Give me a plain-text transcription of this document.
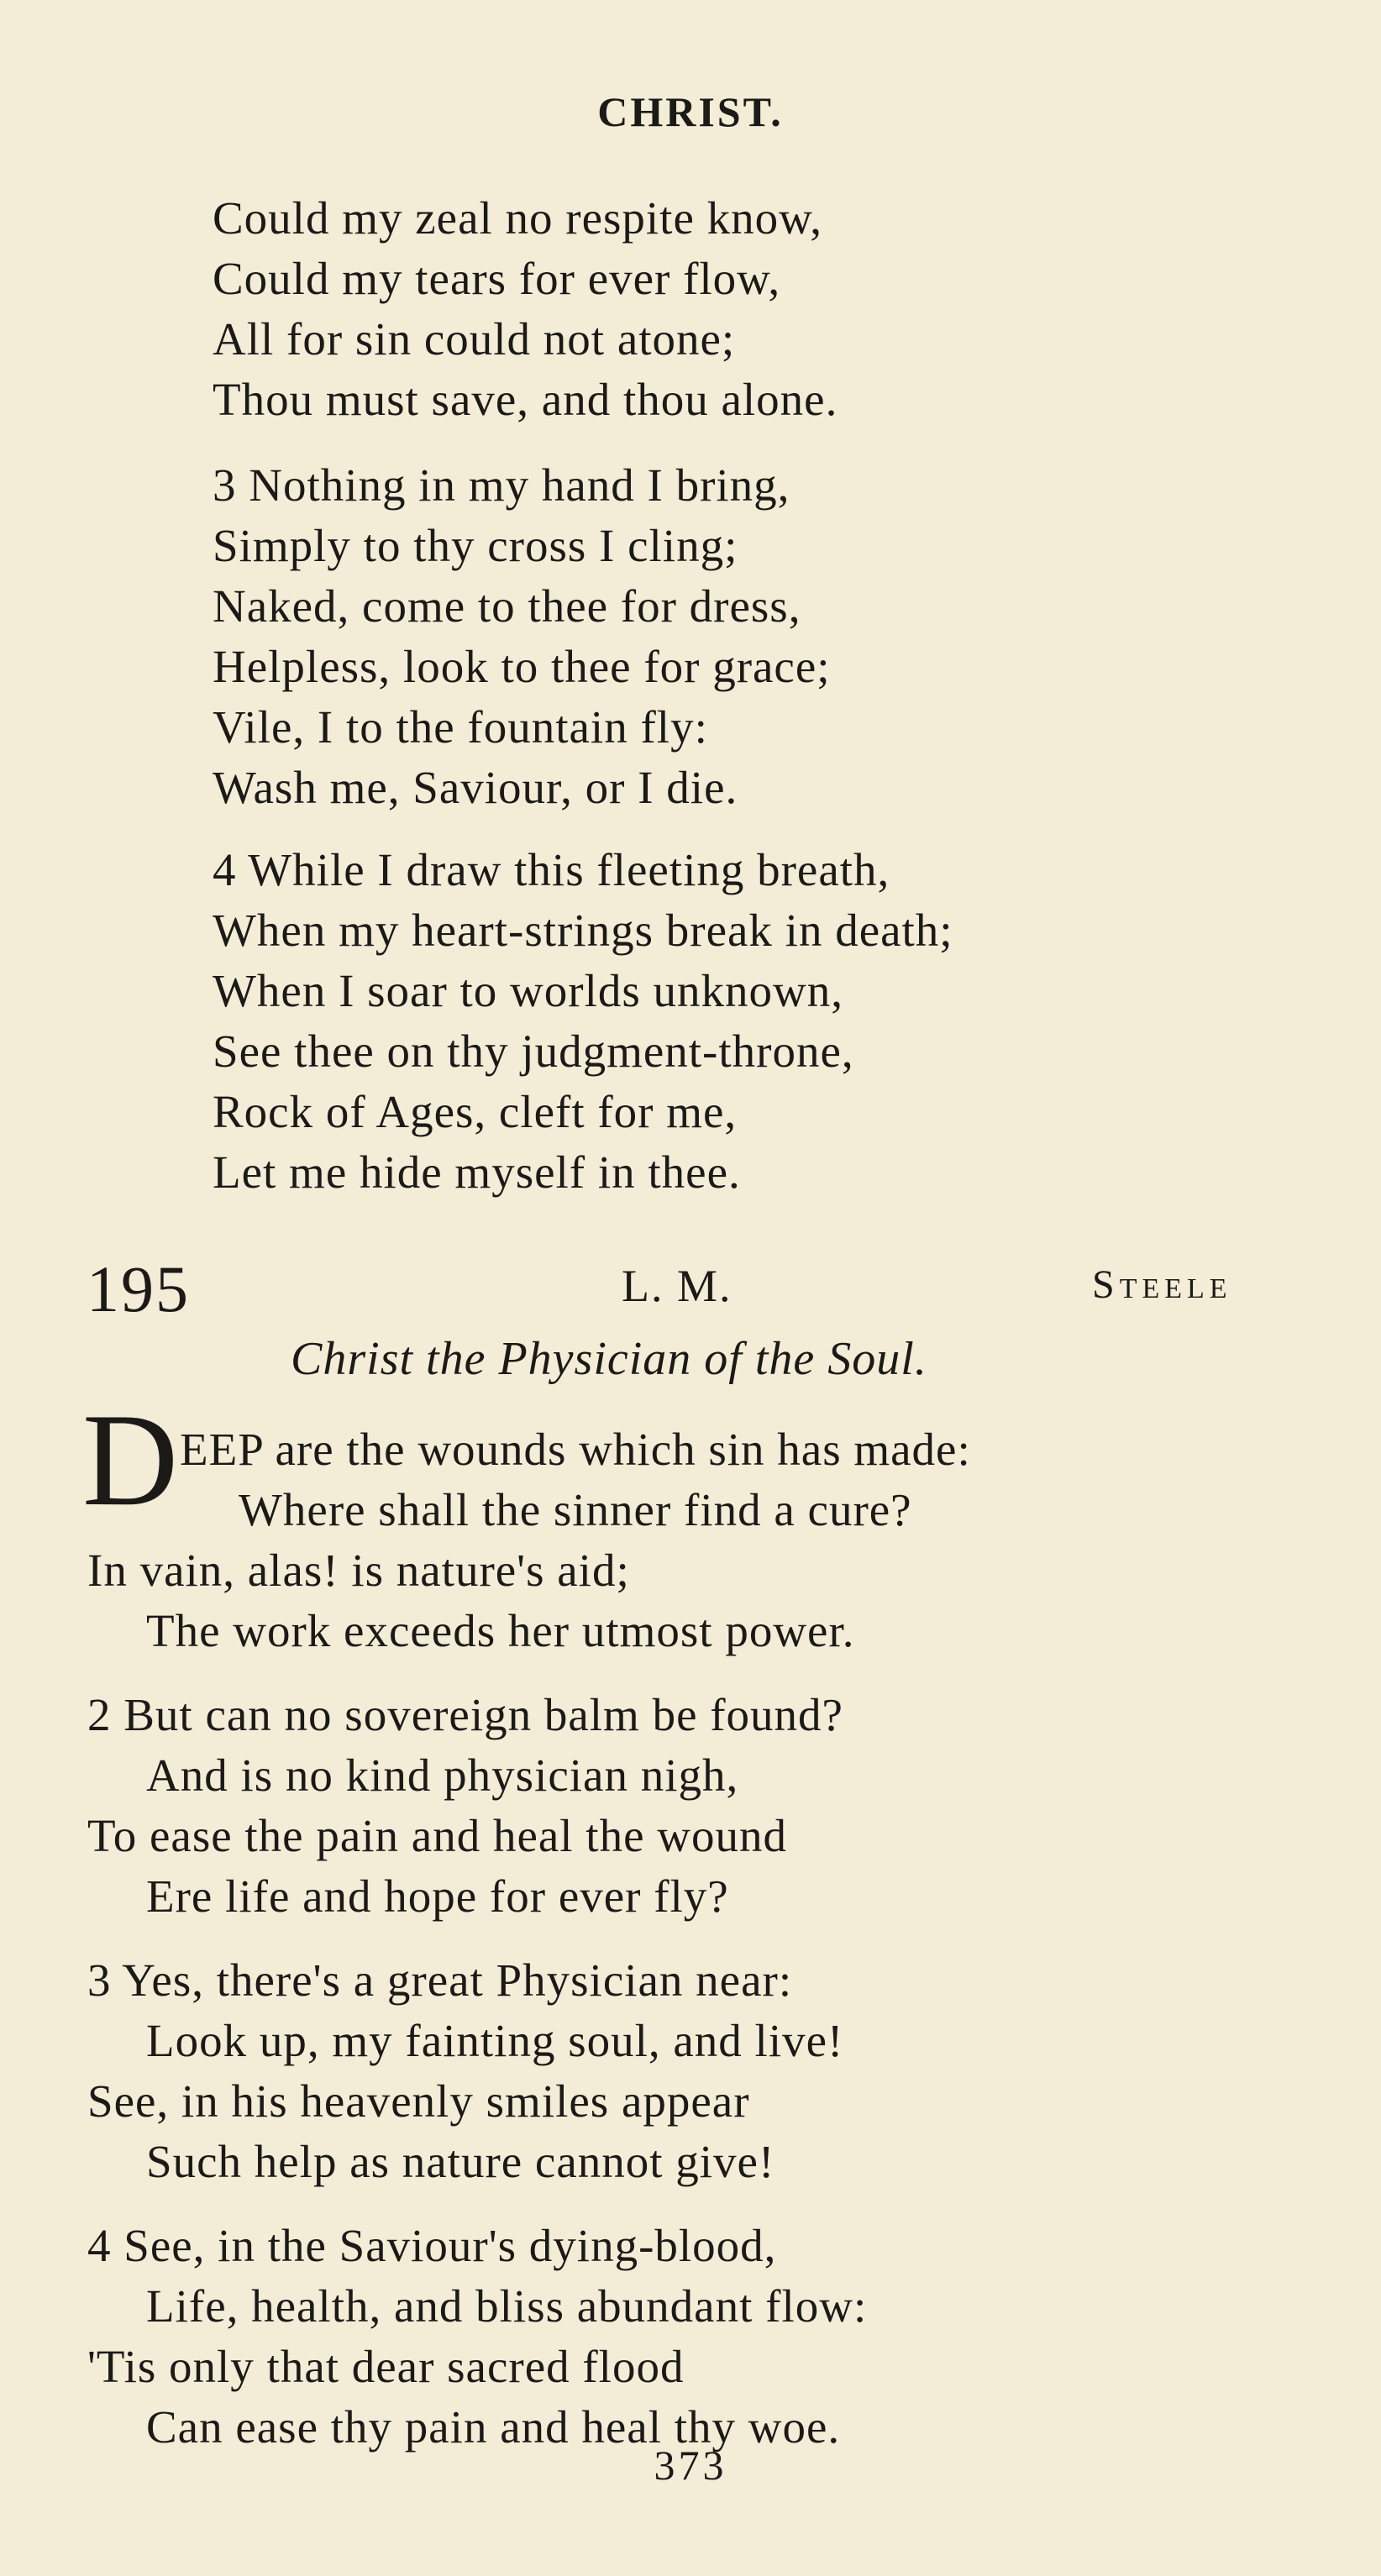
CHRIST.
Could my zeal no respite know,
Could my tears for ever flow,
All for sin could not atone;
Thou must save, and thou alone.
3 Nothing in my hand I bring,
Simply to thy cross I cling;
Naked, come to thee for dress,
Helpless, look to thee for grace;
Vile, I to the fountain fly:
Wash me, Saviour, or I die.
4 While I draw this fleeting breath,
When my heart-strings break in death;
When I soar to worlds unknown,
See thee on thy judgment-throne,
Rock of Ages, cleft for me,
Let me hide myself in thee.
195	L. M.	Steele
Christ the Physician of the Soul.
D EEP are the wounds which sin has made:
Where shall the sinner find a cure?
In vain, alas! is nature's aid;
The work exceeds her utmost power.
2 But can no sovereign balm be found?
And is no kind physician nigh,
To ease the pain and heal the wound
Ere life and hope for ever fly?
3 Yes, there's a great Physician near:
Look up, my fainting soul, and live!
See, in his heavenly smiles appear
Such help as nature cannot give!
4 See, in the Saviour's dying-blood,
Life, health, and bliss abundant flow:
'Tis only that dear sacred flood
Can ease thy pain and heal thy woe.
373
